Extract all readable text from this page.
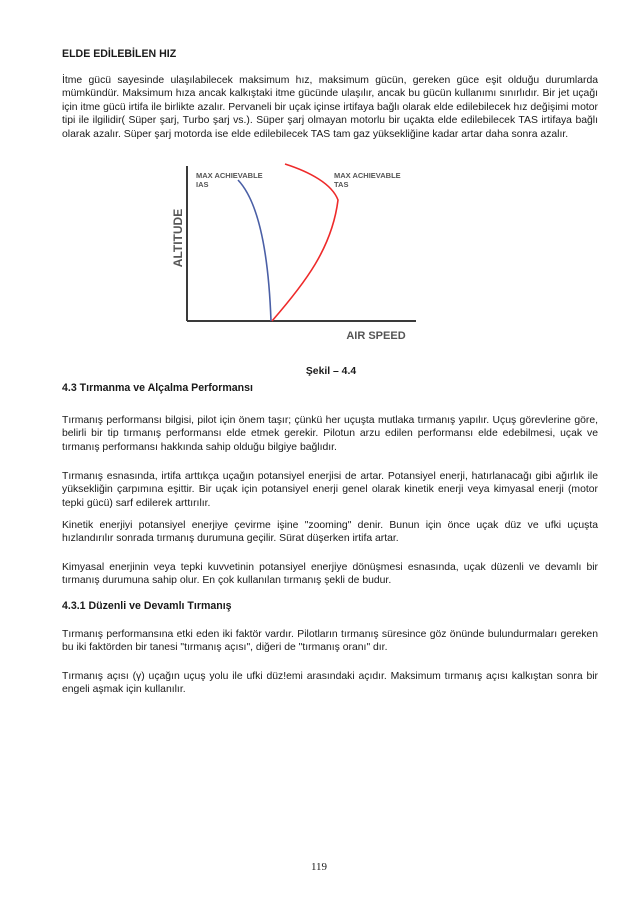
ELDE EDİLEBİLEN HIZ
İtme gücü sayesinde ulaşılabilecek maksimum hız, maksimum gücün, gereken güce eşit olduğu durumlarda mümkündür. Maksimum hıza ancak kalkıştaki itme gücünde ulaşılır, ancak bu gücün kullanımı sınırlıdır. Bir jet uçağı için itme gücü irtifa ile birlikte azalır. Pervaneli bir uçak içinse irtifaya bağlı olarak elde edilebilecek hız değişimi motor tipi ile ilgilidir( Süper şarj, Turbo şarj vs.). Süper şarj olmayan motorlu bir uçakta elde edilebilecek TAS irtifaya bağlı olarak azalır. Süper şarj motorda ise elde edilebilecek TAS tam gaz yüksekliğine kadar artar daha sonra azalır.
ALTITUDE
AIR SPEED
MAX ACHIEVABLE
IAS
MAX ACHIEVABLE
TAS
Şekil – 4.4
4.3 Tırmanma ve Alçalma Performansı
Tırmanış performansı bilgisi, pilot için önem taşır; çünkü her uçuşta mutlaka tırmanış yapılır. Uçuş görevlerine göre, belirli bir tip tırmanış performansı elde etmek gerekir. Pilotun arzu edilen performansı elde edebilmesi, uçak ve tırmanış performansı hakkında sahip olduğu bilgiye bağlıdır.
Tırmanış esnasında, irtifa arttıkça uçağın potansiyel enerjisi de artar. Potansiyel enerji, hatırlanacağı gibi ağırlık ile yüksekliğin çarpımına eşittir. Bir uçak için potansiyel enerji genel olarak kinetik enerji veya kimyasal enerji (motor tepki gücü) sarf edilerek arttırılır.
Kinetik enerjiyi potansiyel enerjiye çevirme işine "zooming" denir. Bunun için önce uçak düz ve ufki uçuşta hızlandırılır sonrada tırmanış durumuna geçilir. Sürat düşerken irtifa artar.
Kimyasal enerjinin veya tepki kuvvetinin potansiyel enerjiye dönüşmesi esnasında, uçak düzenli ve devamlı bir tırmanış durumuna sahip olur. En çok kullanılan tırmanış şekli de budur.
4.3.1 Düzenli ve Devamlı Tırmanış
Tırmanış performansına etki eden iki faktör vardır. Pilotların tırmanış süresince göz önünde bulundurmaları gereken bu iki faktörden bir tanesi "tırmanış açısı", diğeri de "tırmanış oranı" dır.
Tırmanış açısı (γ) uçağın uçuş yolu ile ufki düz!emi arasındaki açıdır. Maksimum tırmanış açısı kalkıştan sonra bir engeli aşmak için kullanılır.
119
